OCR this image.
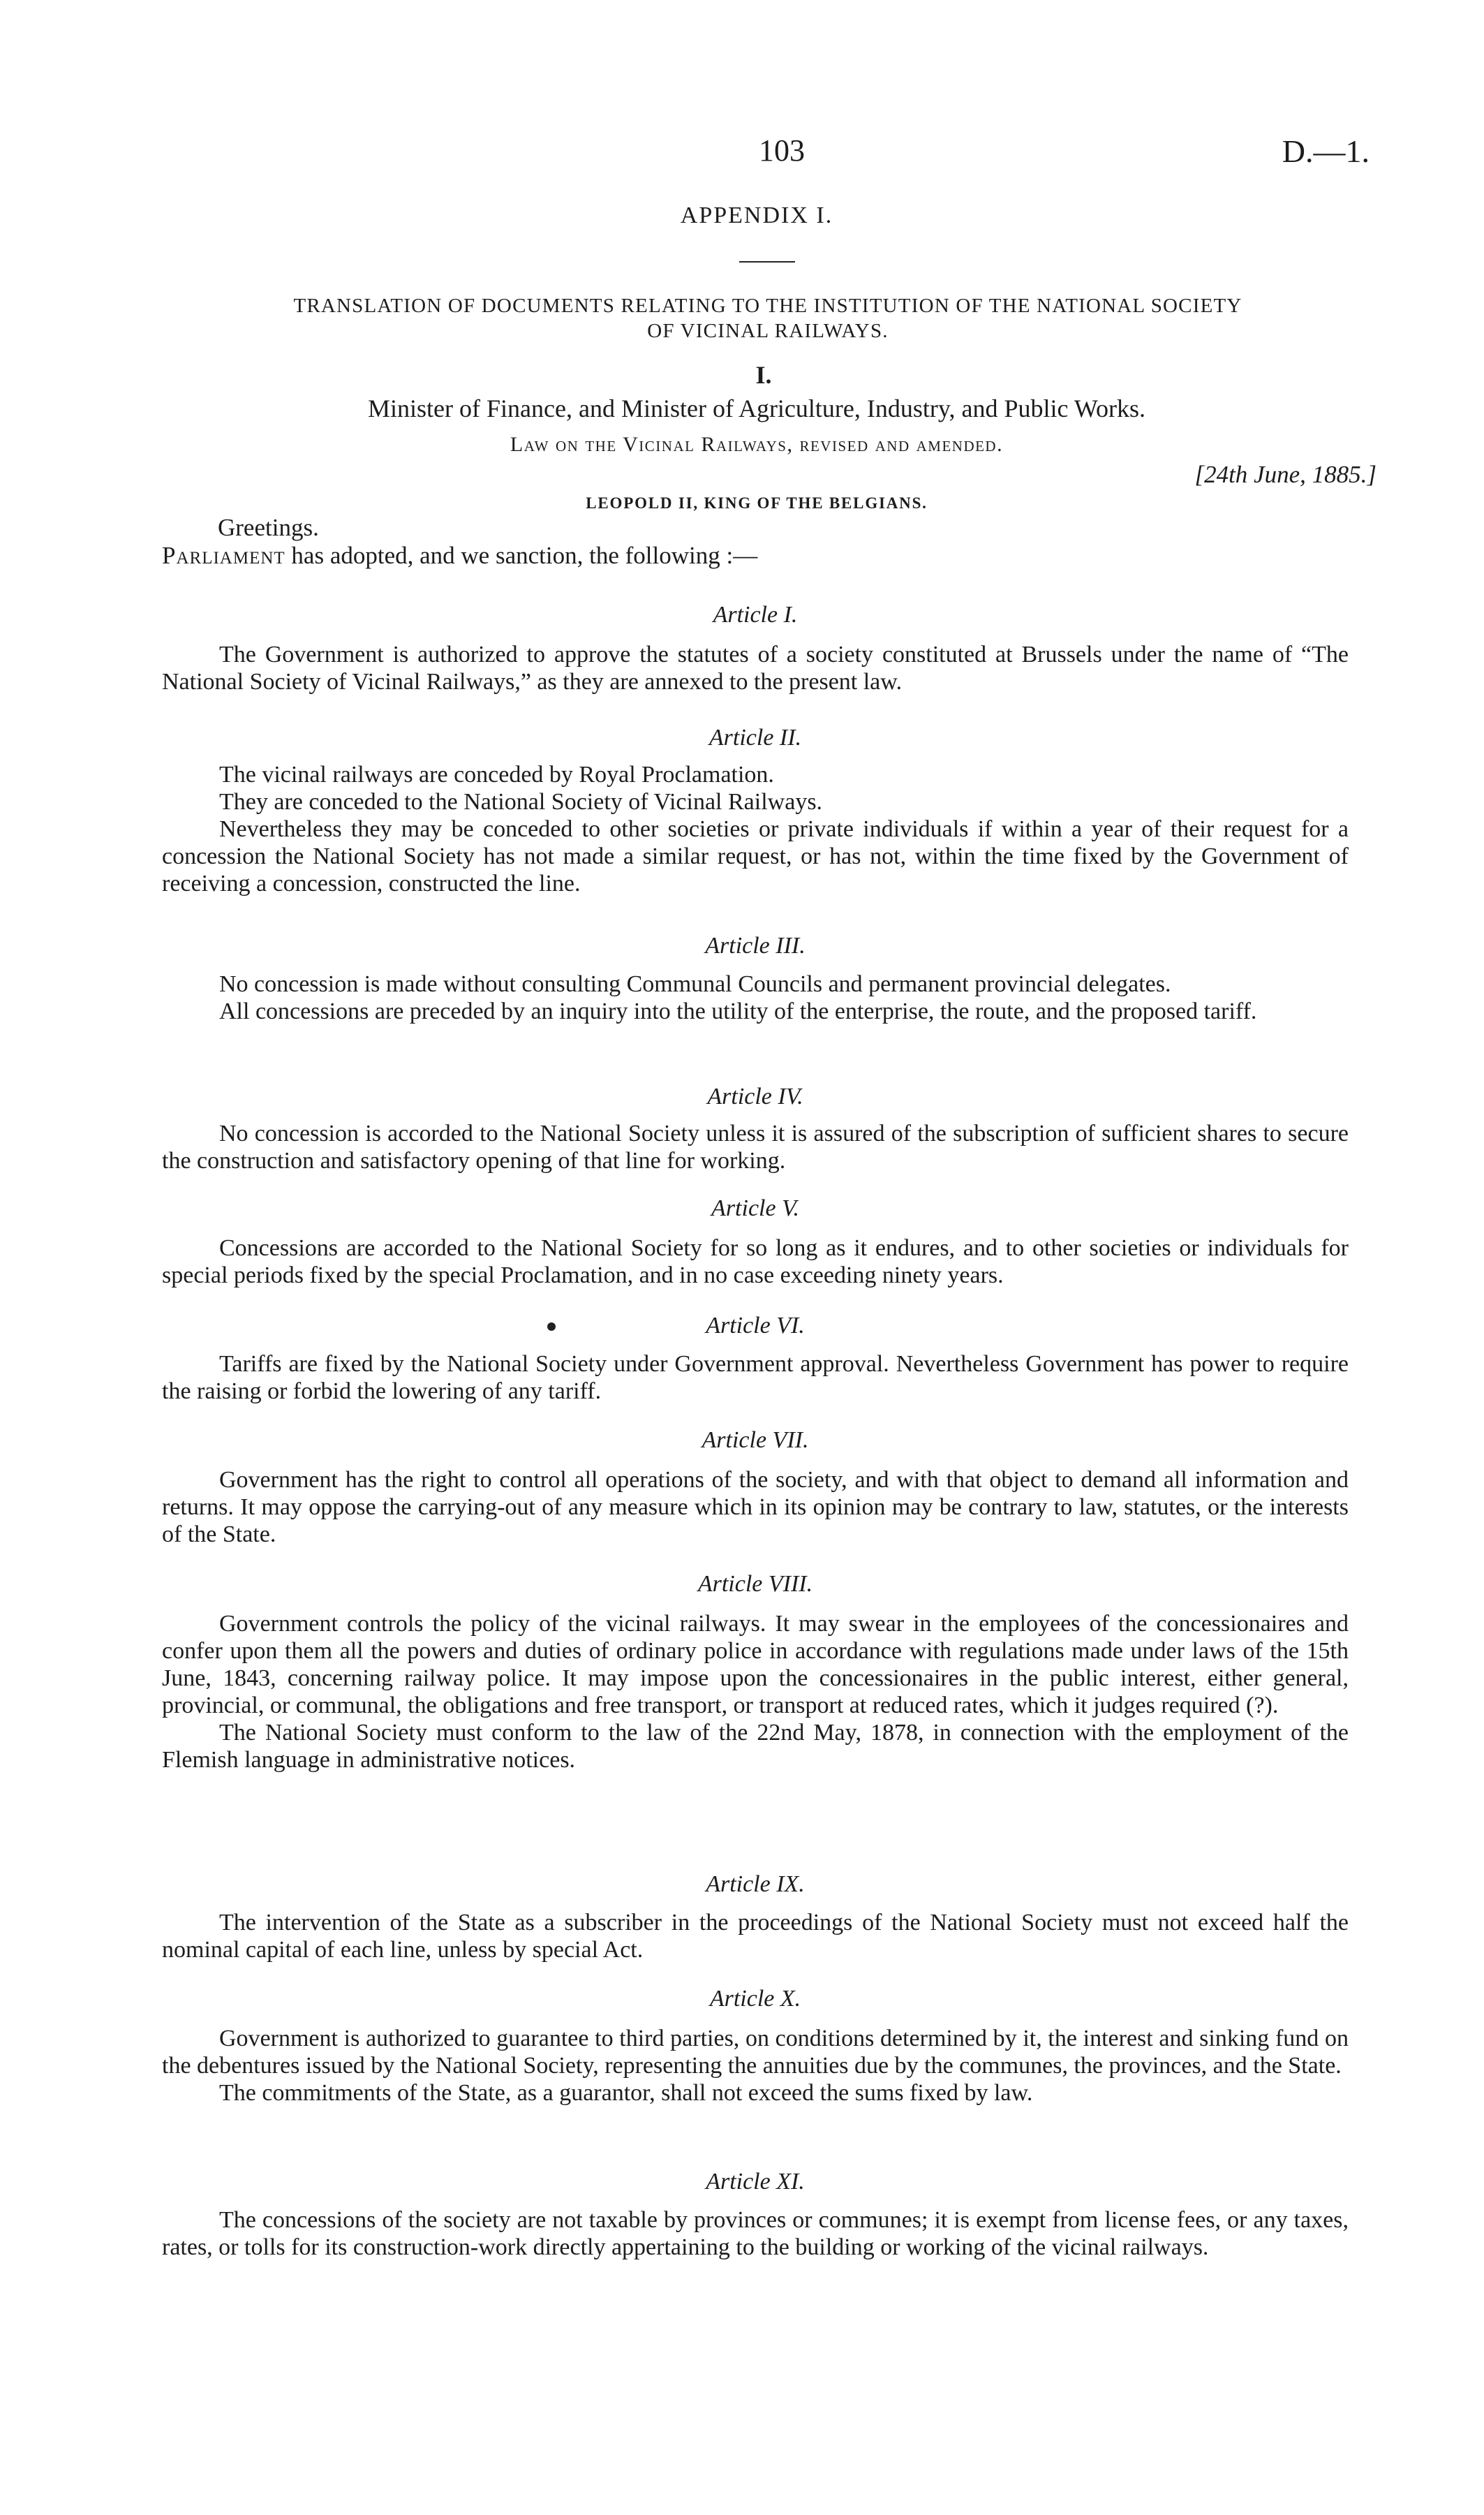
103	D.—1.
APPENDIX I.
TRANSLATION OF DOCUMENTS RELATING TO THE INSTITUTION OF THE NATIONAL SOCIETY
OF VICINAL RAILWAYS.
I.
Minister of Finance, and Minister of Agriculture, Industry, and Public Works.
Law on the Vicinal Railways, revised and amended.
[24th June, 1885.]
LEOPOLD II, KING OF THE BELGIANS.
Greetings.
Parliament has adopted, and we sanction, the following :—
Article I.

The Government is authorized to approve the statutes of a society constituted at Brussels under the name of “The National Society of Vicinal Railways,” as they are annexed to the present law.

Article II.

The vicinal railways are conceded by Royal Proclamation.

They are conceded to the National Society of Vicinal Railways.

Nevertheless they may be conceded to other societies or private individuals if within a year of their request for a concession the National Society has not made a similar request, or has not, within the time fixed by the Government of receiving a concession, constructed the line.

Article III.

No concession is made without consulting Communal Councils and permanent provincial delegates.

All concessions are preceded by an inquiry into the utility of the enterprise, the route, and the proposed tariff.

Article IV.

No concession is accorded to the National Society unless it is assured of the subscription of sufficient shares to secure the construction and satisfactory opening of that line for working.

Article V.

Concessions are accorded to the National Society for so long as it endures, and to other societies or individuals for special periods fixed by the special Proclamation, and in no case exceeding ninety years.

Article VI.

Tariffs are fixed by the National Society under Government approval. Nevertheless Government has power to require the raising or forbid the lowering of any tariff.

Article VII.

Government has the right to control all operations of the society, and with that object to demand all information and returns. It may oppose the carrying-out of any measure which in its opinion may be contrary to law, statutes, or the interests of the State.

Article VIII.

Government controls the policy of the vicinal railways. It may swear in the employees of the concessionaires and confer upon them all the powers and duties of ordinary police in accordance with regulations made under laws of the 15th June, 1843, concerning railway police. It may impose upon the concessionaires in the public interest, either general, provincial, or communal, the obligations and free transport, or transport at reduced rates, which it judges required (?).

The National Society must conform to the law of the 22nd May, 1878, in connection with the employment of the Flemish language in administrative notices.

Article IX.

The intervention of the State as a subscriber in the proceedings of the National Society must not exceed half the nominal capital of each line, unless by special Act.

Article X.

Government is authorized to guarantee to third parties, on conditions determined by it, the interest and sinking fund on the debentures issued by the National Society, representing the annuities due by the communes, the provinces, and the State.

The commitments of the State, as a guarantor, shall not exceed the sums fixed by law.

Article XI.

The concessions of the society are not taxable by provinces or communes; it is exempt from license fees, or any taxes, rates, or tolls for its construction-work directly appertaining to the building or working of the vicinal railways.
